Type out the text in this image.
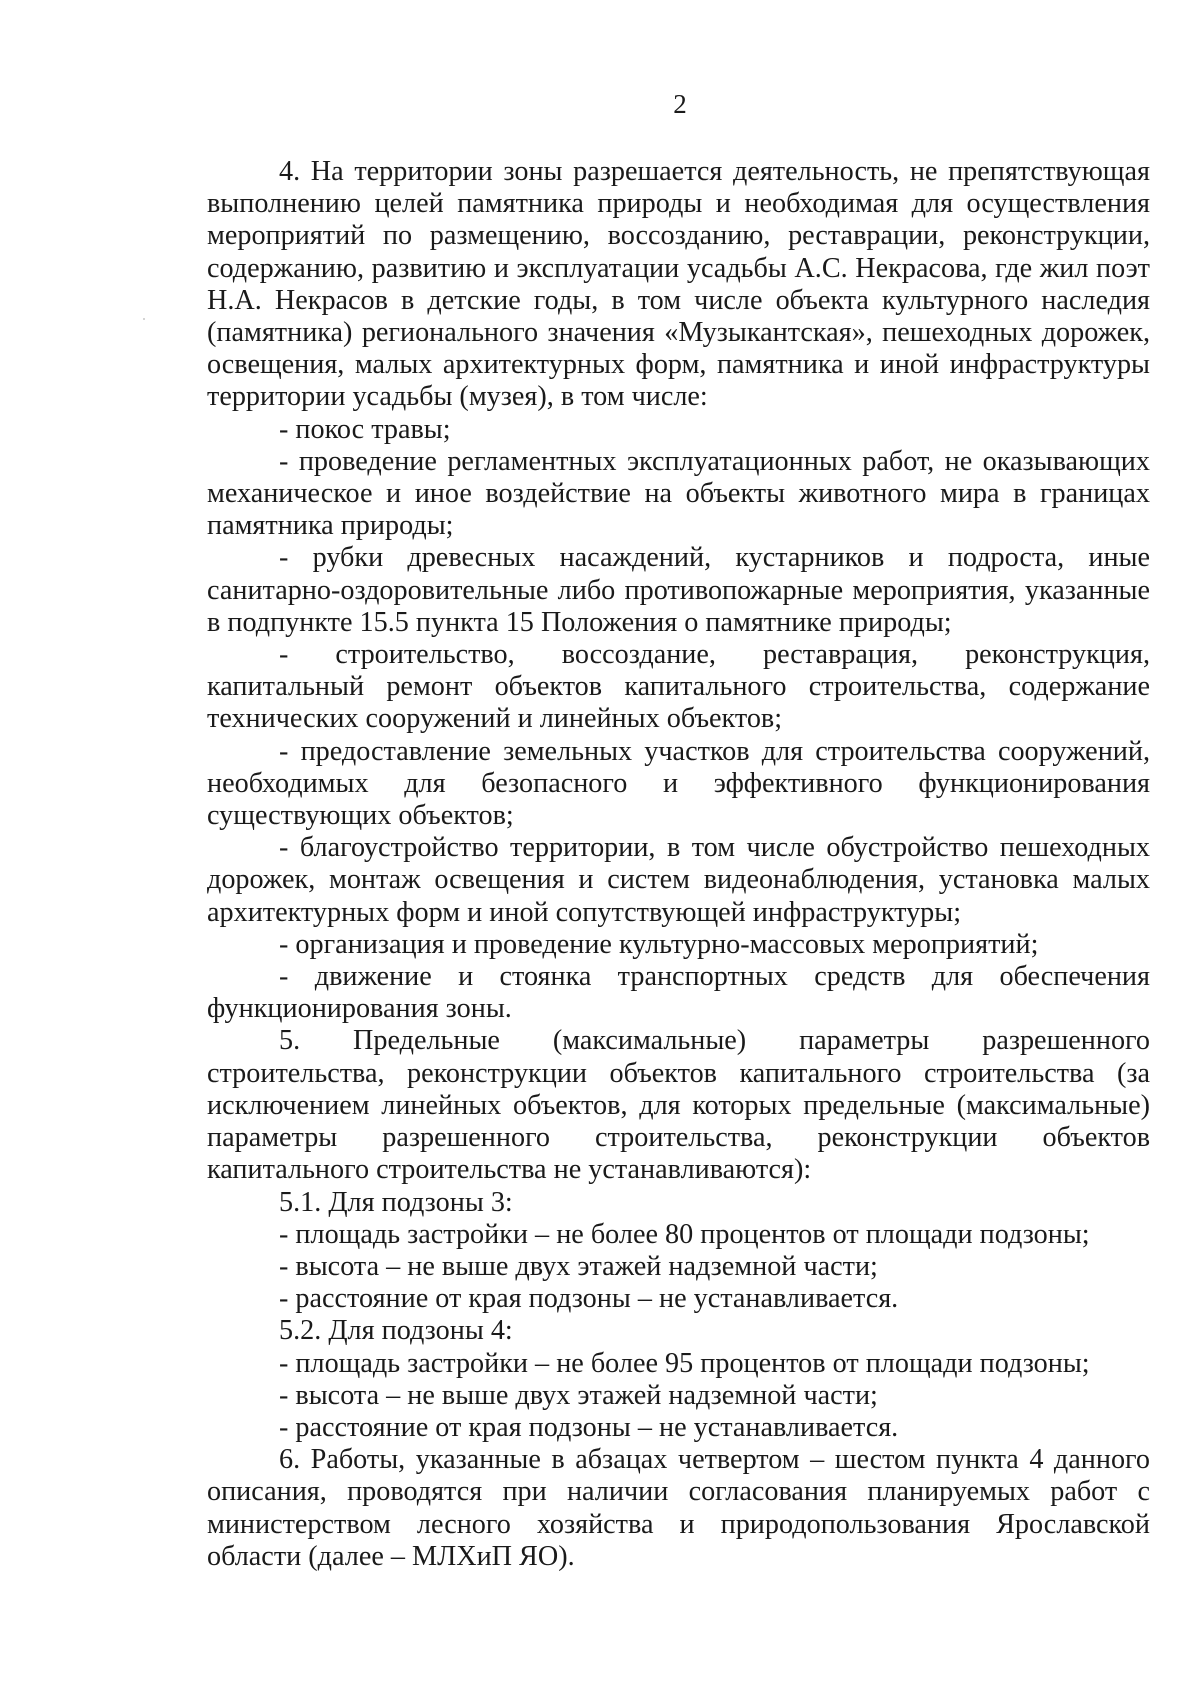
2

4. На территории зоны разрешается деятельность, не препятствующая выполнению целей памятника природы и необходимая для осуществления мероприятий по размещению, воссозданию, реставрации, реконструкции, содержанию, развитию и эксплуатации усадьбы А.С. Некрасова, где жил поэт Н.А. Некрасов в детские годы, в том числе объекта культурного наследия (памятника) регионального значения «Музыкантская», пешеходных дорожек, освещения, малых архитектурных форм, памятника и иной инфраструктуры территории усадьбы (музея), в том числе:

- покос травы;

- проведение регламентных эксплуатационных работ, не оказывающих механическое и иное воздействие на объекты животного мира в границах памятника природы;

- рубки древесных насаждений, кустарников и подроста, иные санитарно-оздоровительные либо противопожарные мероприятия, указанные в подпункте 15.5 пункта 15 Положения о памятнике природы;

- строительство, воссоздание, реставрация, реконструкция, капитальный ремонт объектов капитального строительства, содержание технических сооружений и линейных объектов;

- предоставление земельных участков для строительства сооружений, необходимых для безопасного и эффективного функционирования существующих объектов;

- благоустройство территории, в том числе обустройство пешеходных дорожек, монтаж освещения и систем видеонаблюдения, установка малых архитектурных форм и иной сопутствующей инфраструктуры;

- организация и проведение культурно-массовых мероприятий;

- движение и стоянка транспортных средств для обеспечения функционирования зоны.

5. Предельные (максимальные) параметры разрешенного строительства, реконструкции объектов капитального строительства (за исключением линейных объектов, для которых предельные (максимальные) параметры разрешенного строительства, реконструкции объектов капитального строительства не устанавливаются):

5.1. Для подзоны 3:

- площадь застройки – не более 80 процентов от площади подзоны;

- высота – не выше двух этажей надземной части;

- расстояние от края подзоны – не устанавливается.

5.2. Для подзоны 4:

- площадь застройки – не более 95 процентов от площади подзоны;

- высота – не выше двух этажей надземной части;

- расстояние от края подзоны – не устанавливается.

6. Работы, указанные в абзацах четвертом – шестом пункта 4 данного описания, проводятся при наличии согласования планируемых работ с министерством лесного хозяйства и природопользования Ярославской области (далее – МЛХиП ЯО).
